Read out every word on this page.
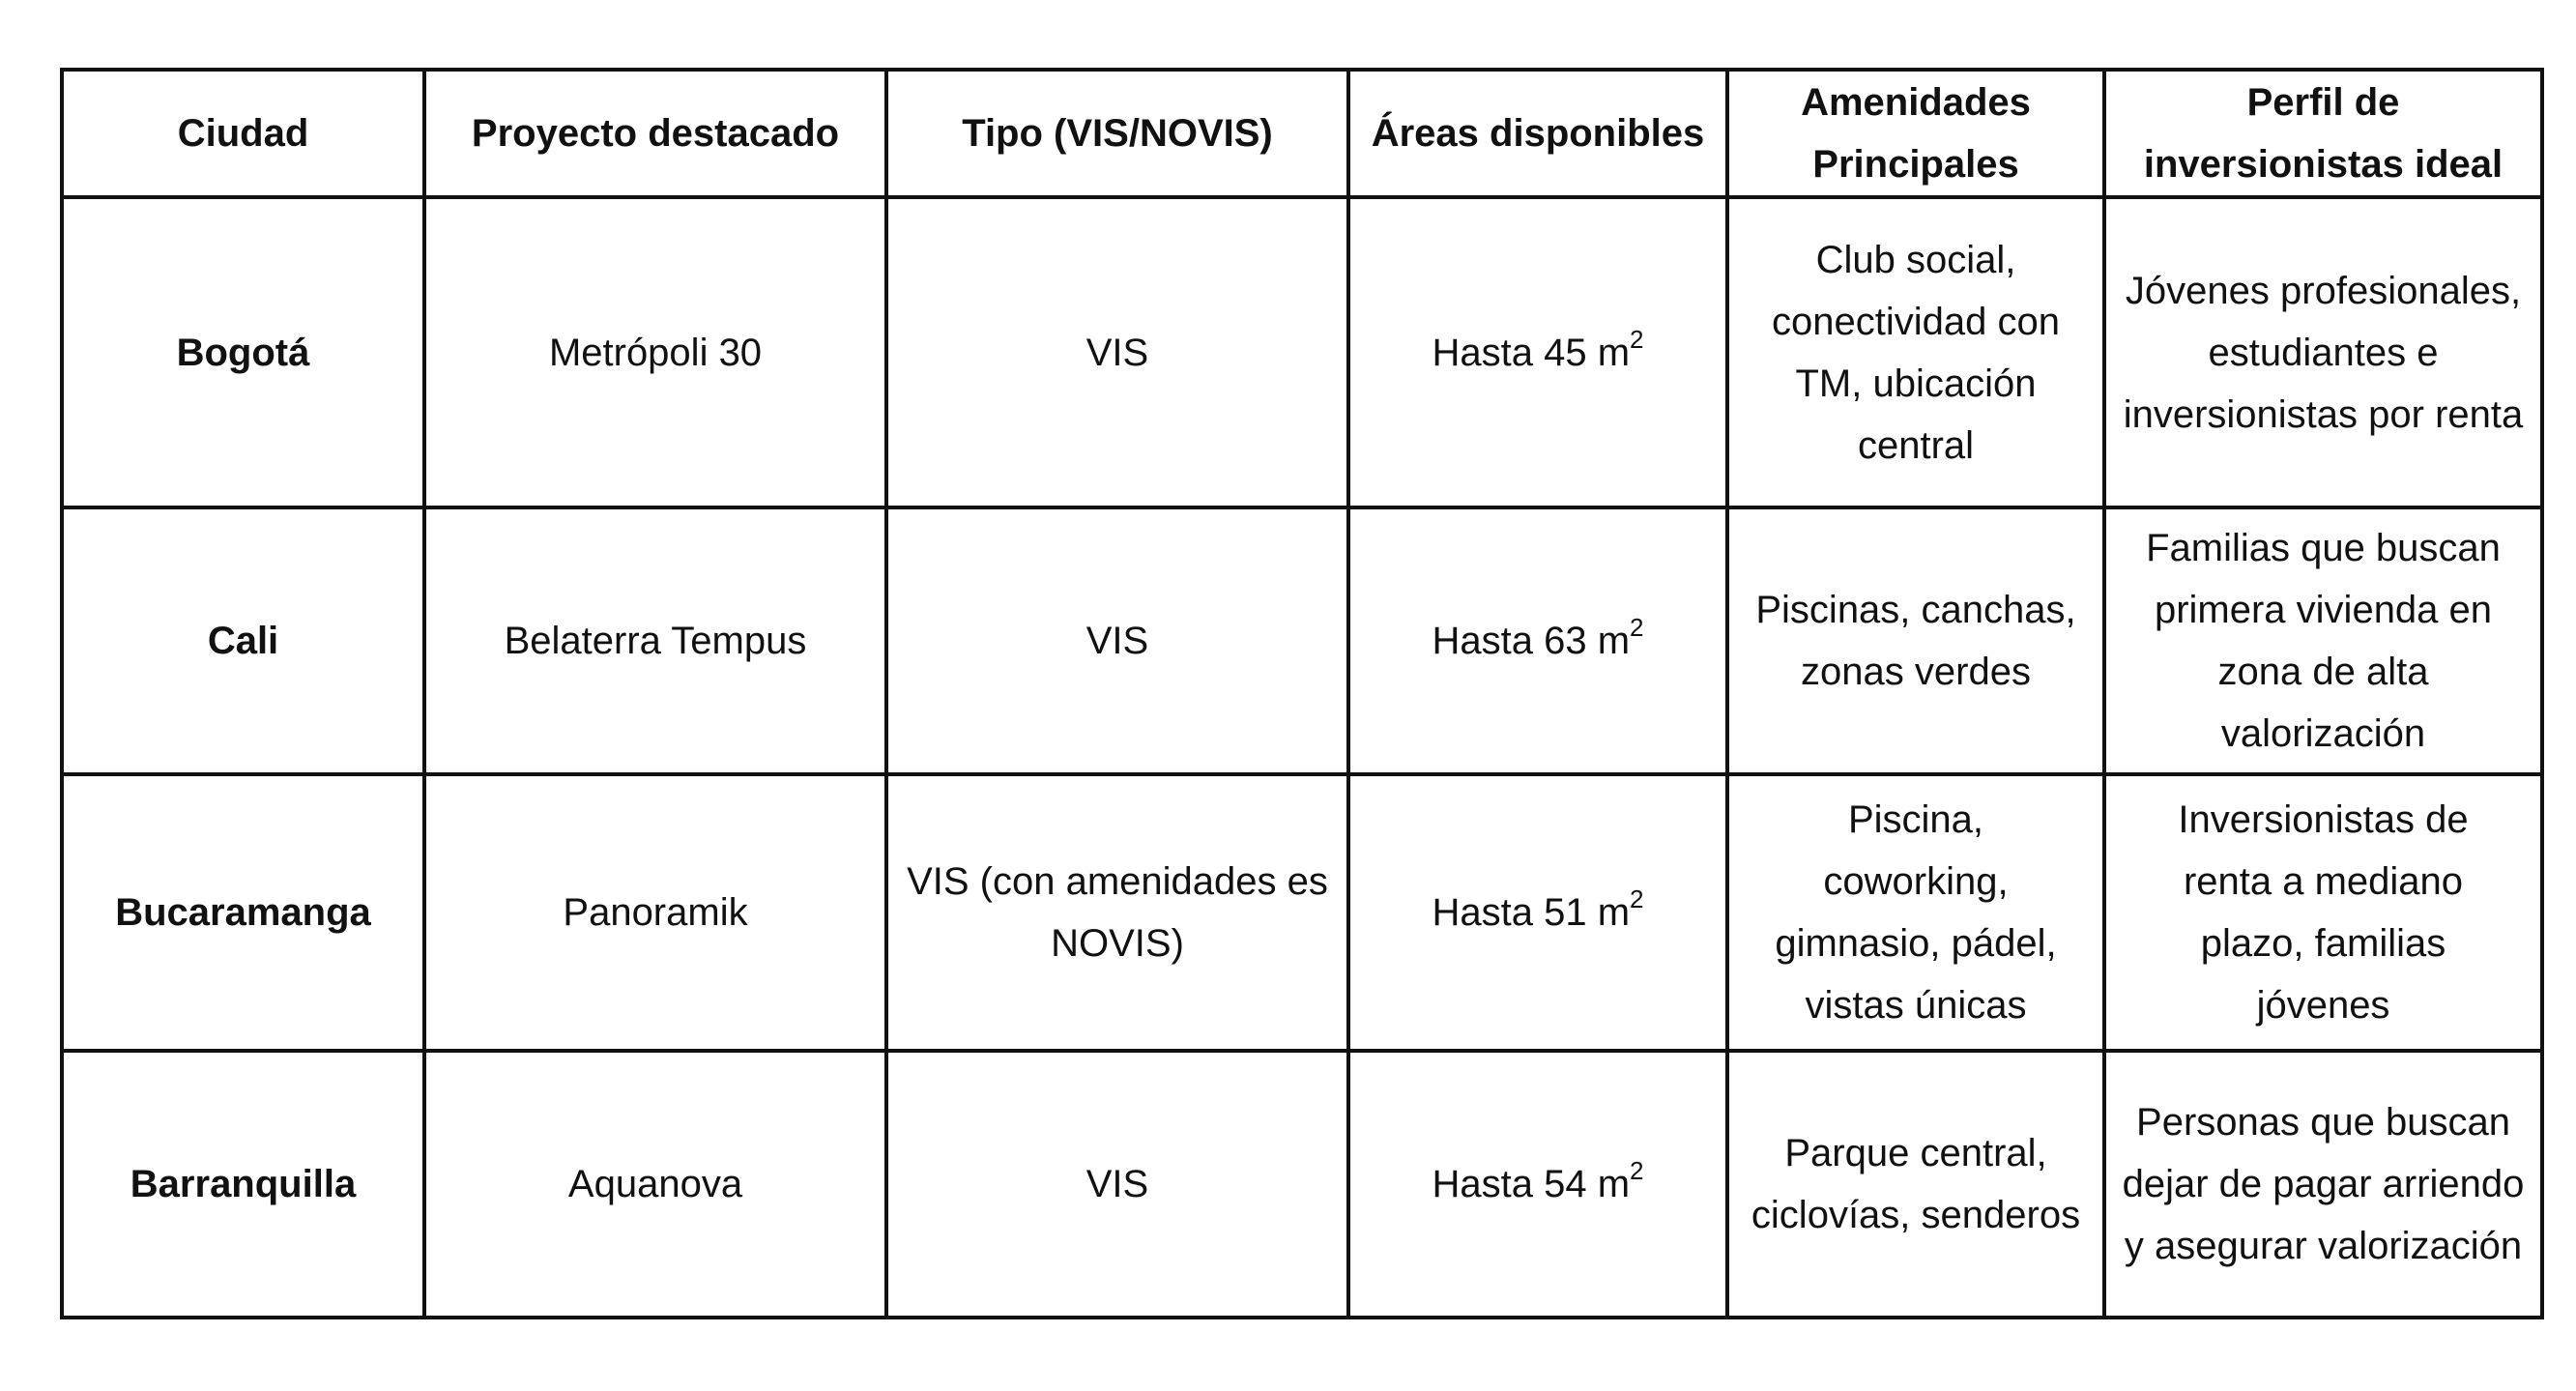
Ciudad	Proyecto destacado	Tipo (VIS/NOVIS)	Áreas disponibles	Amenidades Principales	Perfil de inversionistas ideal
Bogotá	Metrópoli 30	VIS	Hasta 45 $m^2$	Club social, conectividad con TM, ubicación central	Jóvenes profesionales, estudiantes e inversionistas por renta
Cali	Belaterra Tempus	VIS	Hasta 63 $m^2$	Piscinas, canchas, zonas verdes	Familias que buscan primera vivienda en zona de alta valorización
Bucaramanga	Panoramik	VIS (con amenidades es NOVIS)	Hasta 51 $m^2$	Piscina, coworking, gimnasio, pádel, vistas únicas	Inversionistas de renta a mediano plazo, familias jóvenes
Barranquilla	Aquanova	VIS	Hasta 54 $m^2$	Parque central, ciclovías, senderos	Personas que buscan dejar de pagar arriendo y asegurar valorización
